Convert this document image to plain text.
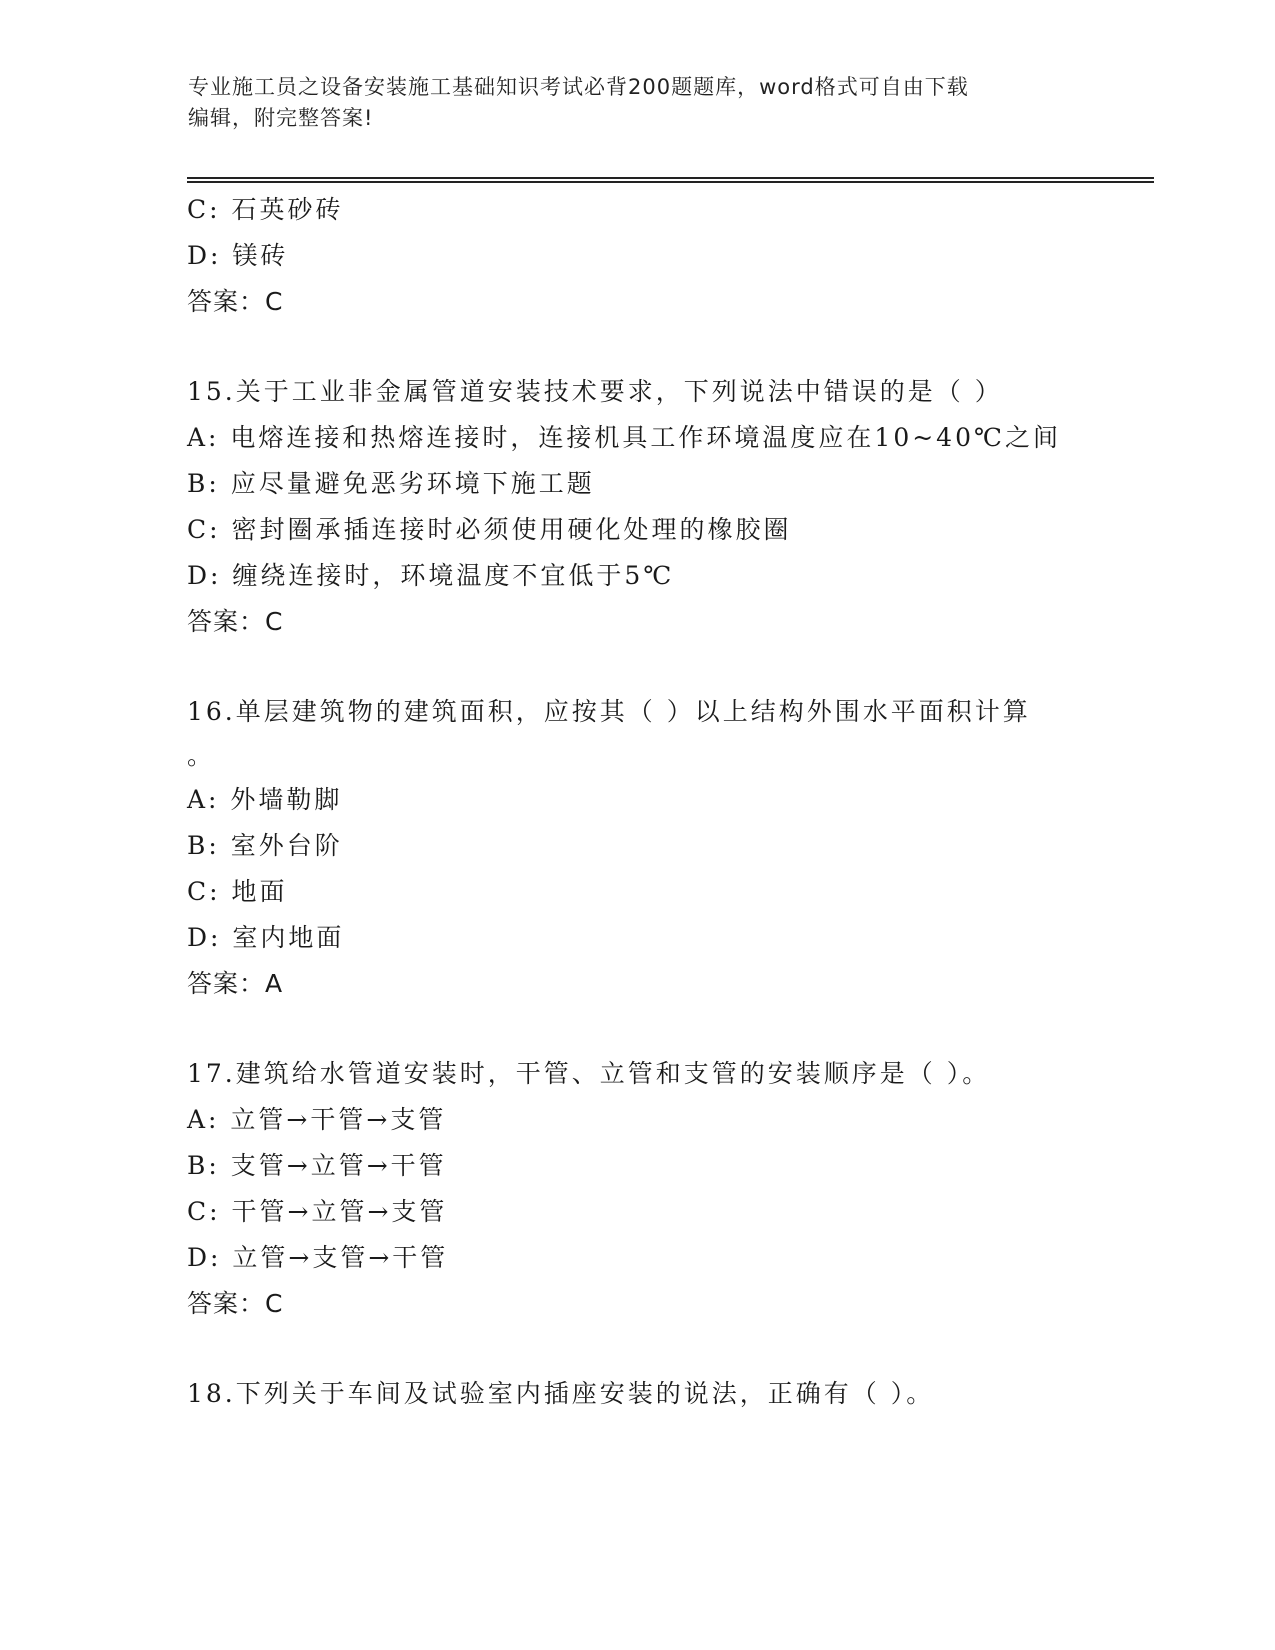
专业施工员之设备安装施工基础知识考试必背200题题库，word格式可自由下载
编辑，附完整答案!
C: 石英砂砖
D: 镁砖
答案：C
15.关于工业非金属管道安装技术要求，下列说法中错误的是（ ）
A: 电熔连接和热熔连接时，连接机具工作环境温度应在10~40℃之间
B: 应尽量避免恶劣环境下施工题
C: 密封圈承插连接时必须使用硬化处理的橡胶圈
D: 缠绕连接时，环境温度不宜低于5℃
答案：C
16.单层建筑物的建筑面积，应按其（ ）以上结构外围水平面积计算
。
A: 外墙勒脚
B: 室外台阶
C: 地面
D: 室内地面
答案：A
17.建筑给水管道安装时，干管、立管和支管的安装顺序是（ ）。
A: 立管→干管→支管
B: 支管→立管→干管
C: 干管→立管→支管
D: 立管→支管→干管
答案：C
18.下列关于车间及试验室内插座安装的说法，正确有（ ）。
